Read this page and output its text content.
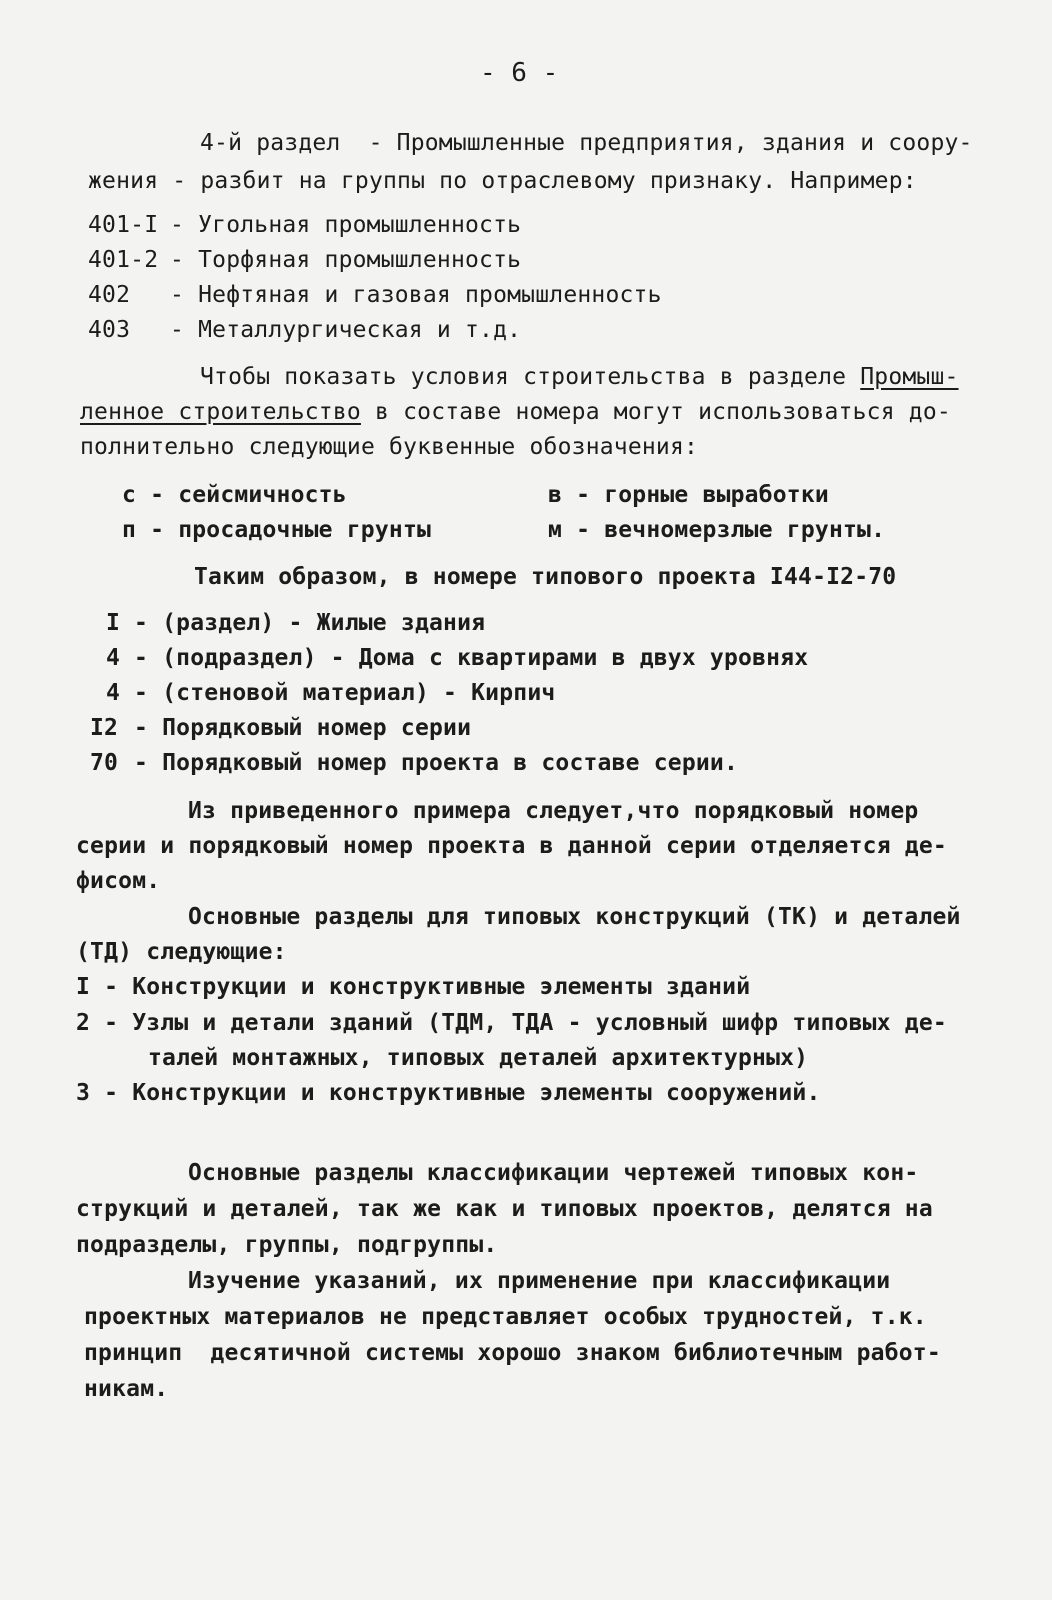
- 6 -
4-й раздел  - Промышленные предприятия, здания и соору-
жения - разбит на группы по отраслевому признаку. Например:
401-I - Угольная промышленность
401-2 - Торфяная промышленность
402 - Нефтяная и газовая промышленность
403 - Металлургическая и т.д.
Чтобы показать условия строительства в разделе Промыш-
ленное строительство в составе номера могут использоваться до-
полнительно следующие буквенные обозначения:
с - сейсмичность	в - горные выработки
п - просадочные грунты	м - вечномерзлые грунты.
Таким образом, в номере типового проекта I44-I2-70
I - (раздел) - Жилые здания
4 - (подраздел) - Дома с квартирами в двух уровнях
4 - (стеновой материал) - Кирпич
I2 - Порядковый номер серии
70 - Порядковый номер проекта в составе серии.
Из приведенного примера следует,что порядковый номер
серии и порядковый номер проекта в данной серии отделяется де-
фисом.
Основные разделы для типовых конструкций (ТК) и деталей
(ТД) следующие:
I - Конструкции и конструктивные элементы зданий
2 - Узлы и детали зданий (ТДМ, ТДА - условный шифр типовых де-
талей монтажных, типовых деталей архитектурных)
3 - Конструкции и конструктивные элементы сооружений.
Основные разделы классификации чертежей типовых кон-
струкций и деталей, так же как и типовых проектов, делятся на
подразделы, группы, подгруппы.
Изучение указаний, их применение при классификации
проектных материалов не представляет особых трудностей, т.к.
принцип  десятичной системы хорошо знаком библиотечным работ-
никам.
